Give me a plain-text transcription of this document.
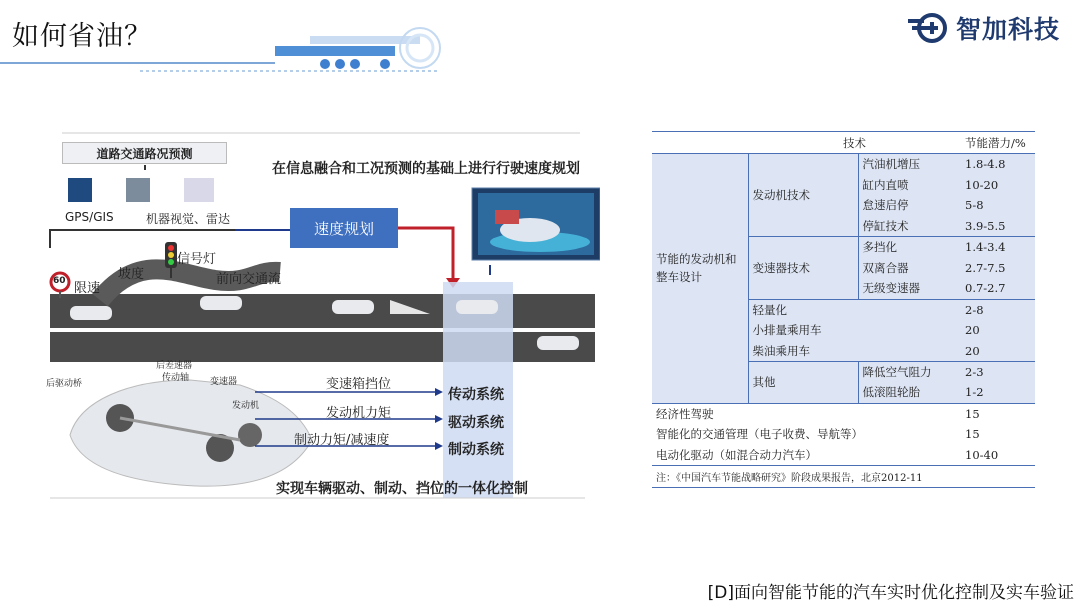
如何省油？	智加科技
道路交通路况预测
GPS/GIS	机器视觉、雷达
在信息融合和工况预测的基础上进行行驶速度规划
速度规划
信号灯
坡度
限速
60	前向交通流
后驱动桥
后差速器
传动轴 变速器
发动机
变速箱挡位
发动机力矩
制动力矩/减速度
传动系统
驱动系统
制动系统
实现车辆驱动、制动、挡位的一体化控制
	技术		节能潜力/%
节能的发动机和整车设计	发动机技术	汽油机增压	1.8-4.8
		缸内直喷	10-20
		怠速启停	5-8
		停缸技术	3.9-5.5
	变速器技术	多挡化	1.4-3.4
		双离合器	2.7-7.5
		无级变速器	0.7-2.7
	轻量化		2-8
	小排量乘用车		20
	柴油乘用车		20
	其他	降低空气阻力	2-3
		低滚阻轮胎	1-2
经济性驾驶			15
智能化的交通管理（电子收费、导航等）			15
电动化驱动（如混合动力汽车）			10-40
注：《中国汽车节能战略研究》阶段成果报告，北京2012-11			
[D]面向智能节能的汽车实时优化控制及实车验证
